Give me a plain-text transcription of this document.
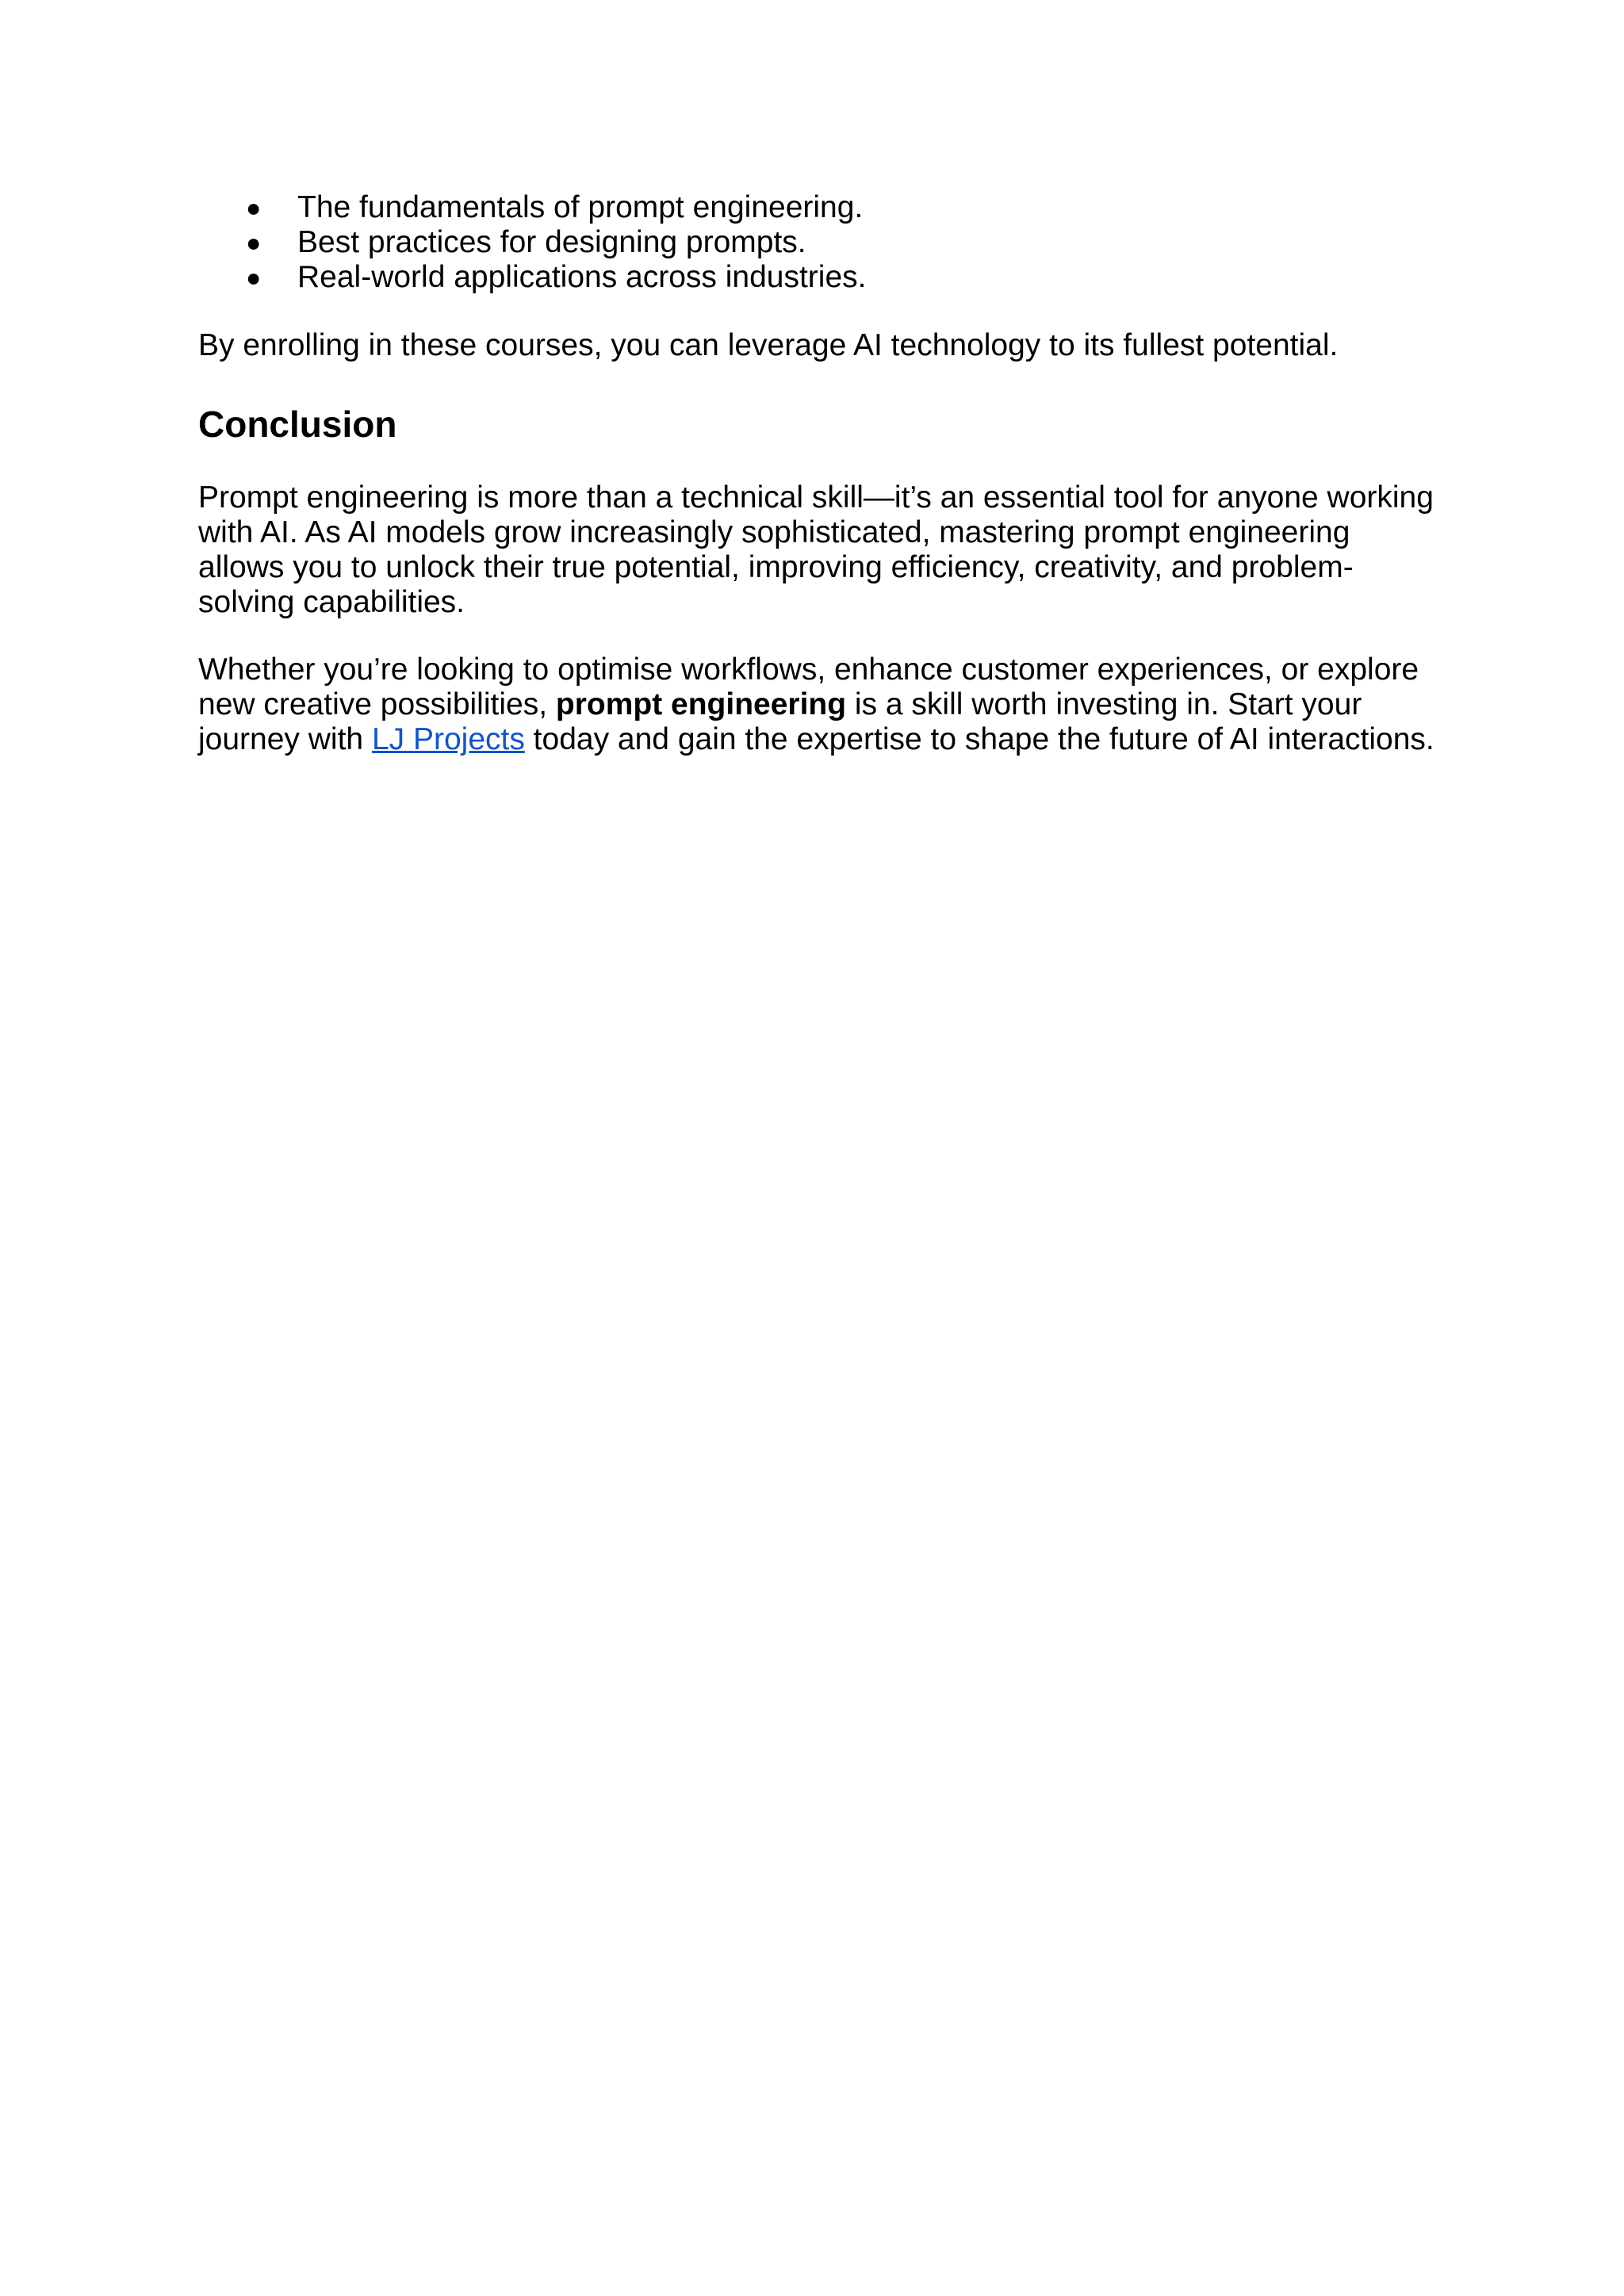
● The fundamentals of prompt engineering.
● Best practices for designing prompts.
● Real-world applications across industries.

By enrolling in these courses, you can leverage AI technology to its fullest potential.

Conclusion

Prompt engineering is more than a technical skill—it’s an essential tool for anyone working with AI. As AI models grow increasingly sophisticated, mastering prompt engineering allows you to unlock their true potential, improving efficiency, creativity, and problem-solving capabilities.

Whether you’re looking to optimise workflows, enhance customer experiences, or explore new creative possibilities, prompt engineering is a skill worth investing in. Start your journey with LJ Projects today and gain the expertise to shape the future of AI interactions.
